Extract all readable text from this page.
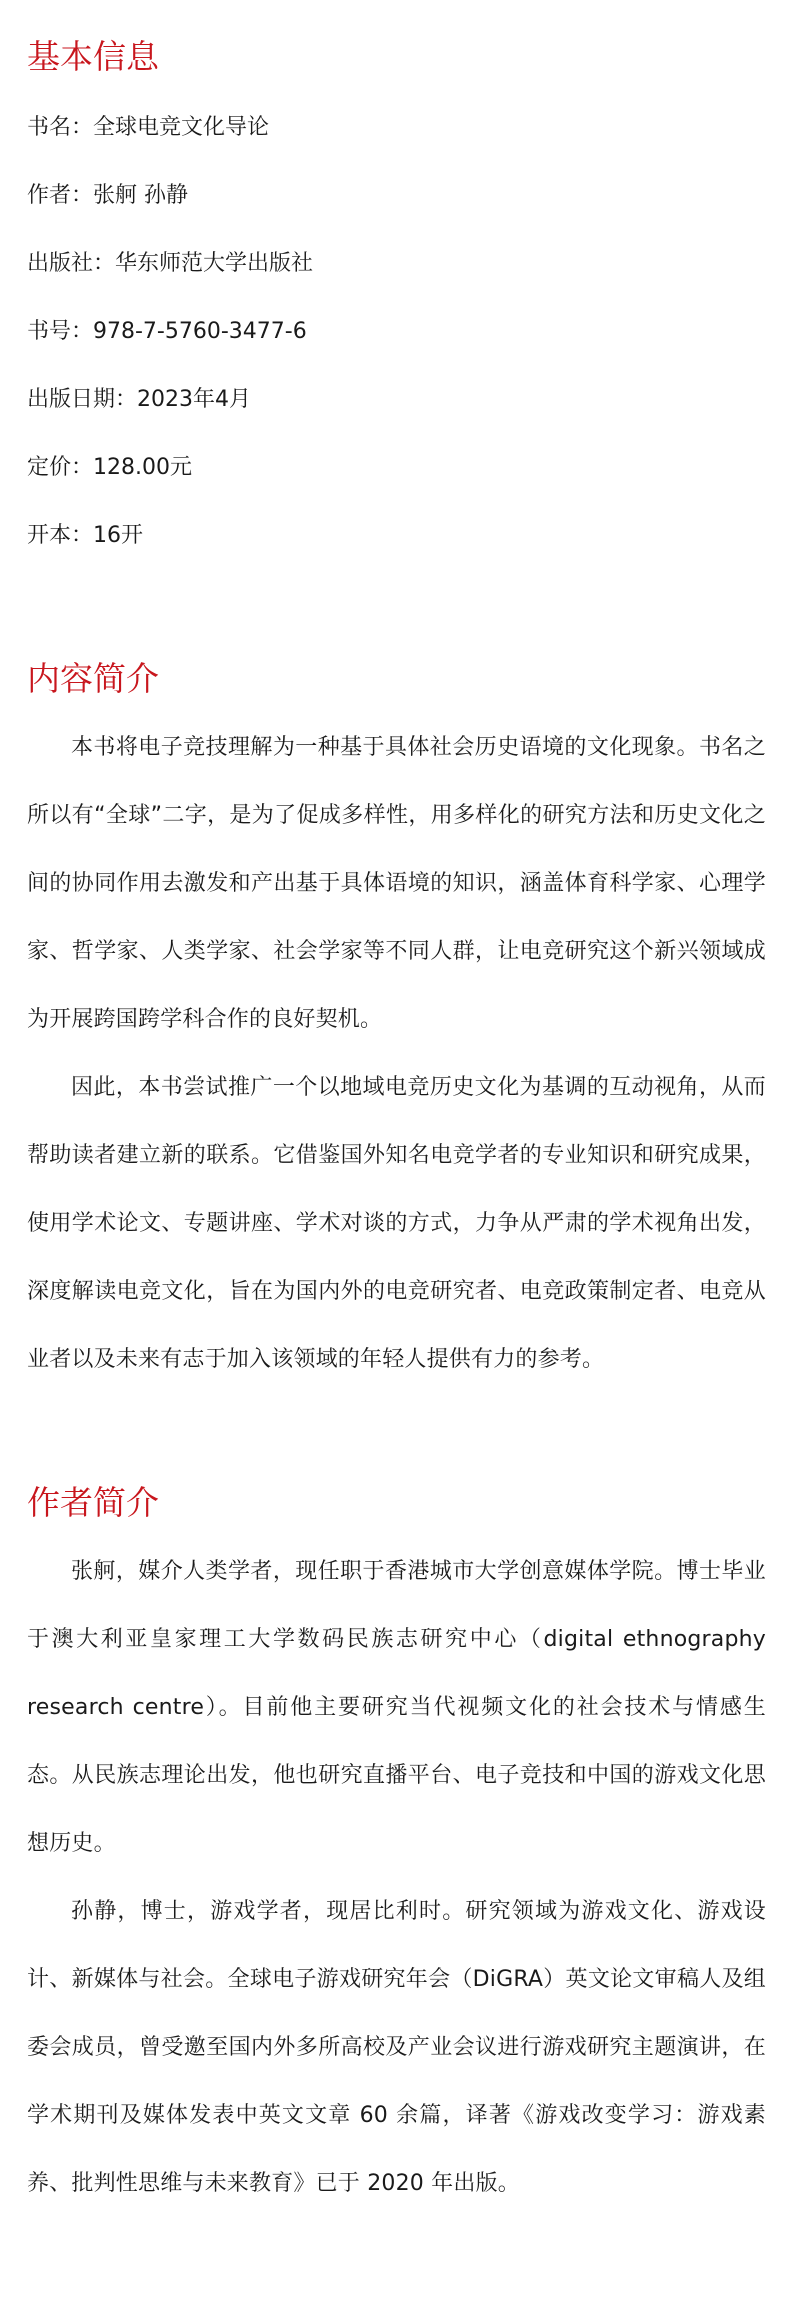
基本信息

书名：全球电竞文化导论

作者：张舸 孙静

出版社：华东师范大学出版社

书号：978-7-5760-3477-6

出版日期：2023年4月

定价：128.00元

开本：16开

内容简介

本书将电子竞技理解为一种基于具体社会历史语境的文化现象。书名之所以有“全球”二字，是为了促成多样性，用多样化的研究方法和历史文化之间的协同作用去激发和产出基于具体语境的知识，涵盖体育科学家、心理学家、哲学家、人类学家、社会学家等不同人群，让电竞研究这个新兴领域成为开展跨国跨学科合作的良好契机。

因此，本书尝试推广一个以地域电竞历史文化为基调的互动视角，从而帮助读者建立新的联系。它借鉴国外知名电竞学者的专业知识和研究成果，使用学术论文、专题讲座、学术对谈的方式，力争从严肃的学术视角出发，深度解读电竞文化，旨在为国内外的电竞研究者、电竞政策制定者、电竞从业者以及未来有志于加入该领域的年轻人提供有力的参考。

作者简介

张舸，媒介人类学者，现任职于香港城市大学创意媒体学院。博士毕业于澳大利亚皇家理工大学数码民族志研究中心（digital ethnography research centre）。目前他主要研究当代视频文化的社会技术与情感生态。从民族志理论出发，他也研究直播平台、电子竞技和中国的游戏文化思想历史。

孙静，博士，游戏学者，现居比利时。研究领域为游戏文化、游戏设计、新媒体与社会。全球电子游戏研究年会（DiGRA）英文论文审稿人及组委会成员，曾受邀至国内外多所高校及产业会议进行游戏研究主题演讲，在学术期刊及媒体发表中英文文章 60 余篇，译著《游戏改变学习：游戏素养、批判性思维与未来教育》已于 2020 年出版。
